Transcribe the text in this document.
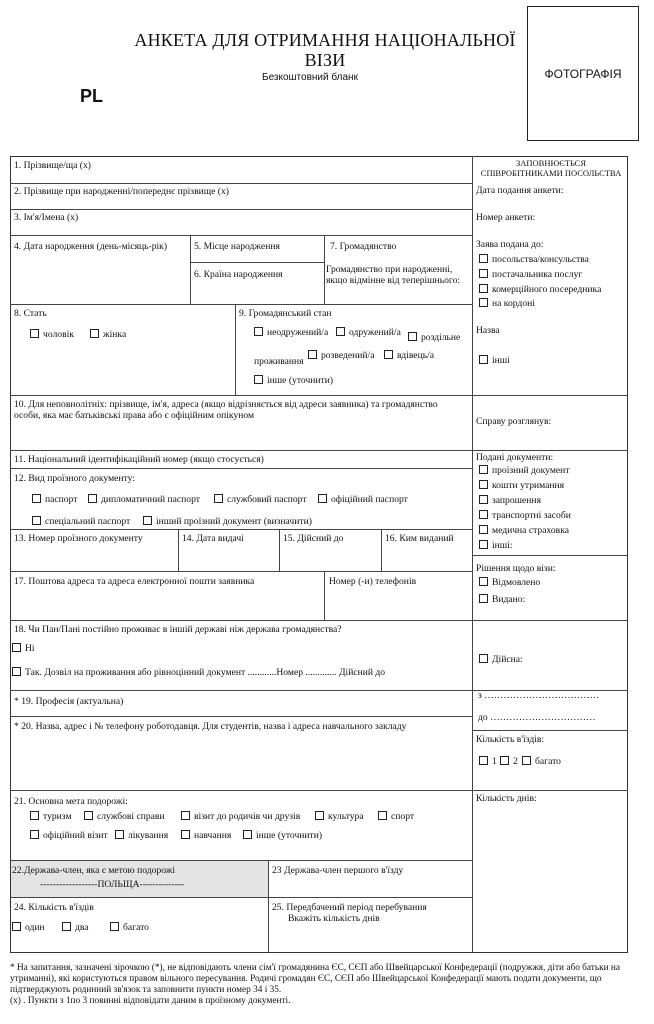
АНКЕТА ДЛЯ ОТРИМАННЯ НАЦІОНАЛЬНОЇ
ВІЗИ
Безкоштовний бланк
PL
ФОТОГРАФІЯ
1. Прізвище/ща (x)
2. Прізвище при народженні/попереднє прізвище (x)
3. Ім'я/Імена (x)
4. Дата народження (день-місяць-рік)	5. Місце народження
6. Країна народження
7. Громадянство
Громадянство при народженні, якщо відмінне від теперішнього:
8. Стать
чоловік	жінка
9. Громадянський стан
неодружений/а	одружений/а	роздільне проживання
розведений/а	вдівець/а
інше (уточнити)
10. Для неповнолітніх: прізвище, ім'я, адреса (якщо відрізняється від адреси заявника) та громадянство особи, яка має батьківські права або є офіційним опікуном
11. Національний ідентифікаційний номер (якщо стосується)
12. Вид проїзного документу:
паспорт	дипломатичний паспорт	службовий паспорт	офіційний паспорт
спеціальний паспорт	інший проїзний документ (визначити)
13. Номер проїзного документу	14. Дата видачі	15. Дійсний до	16. Ким виданий
17. Поштова адреса та адреса електронної пошти заявника	Номер (-и) телефонів
18. Чи Пан/Пані постійно проживає в іншій державі ніж держава громадянства?
Ні
Так. Дозвіл на проживання або рівноцінний документ ............Номер ............. Дійсний до
* 19. Професія (актуальна)
* 20. Назва, адрес і № телефону роботодавця. Для студентів, назва і адреса навчального закладу
21. Основна мета подорожі:
туризм	службові справи	візит до родичів чи друзів	культура	спорт
офіційний візит	лікування	навчання	інше (уточнити)
22.Держава-член, яка є метою подорожі
------------------ПОЛЬЩА--------------
23 Держава-член першого в'їзду
24. Кількість в'їздів
один	два	багато
25. Передбачений період перебування
Вкажіть кількість днів
ЗАПОВНЮЄТЬСЯ СПІВРОБІТНИКАМИ ПОСОЛЬСТВА
Дата подання анкети:
Номер анкети:
Заява подана до:
посольства/консульства
постачальника послуг
комерційного посередника
на кордоні
Назва
інші
Справу розглянув:
Подані документи:
проїзний документ
кошти утримання
запрошення
транспортні засоби
медична страховка
інші:
Рішення щодо візи:
Відмовлено
Видано:
Дійсна:
з ………………………………
до ……………………………
Кількість в'їздів:
1	2	багато
Кількість днів:
* На запитання, зазначені зірочкою (*), не відповідають члени сім'ї громадянина ЄС, СЄП або Швейцарської Конфедерації (подружжя, діти або батьки на утриманні), які користуються правом вільного пересування. Родичі громадян ЄС, СЄП або Швейцарської Конфедерації мають подати документи, що підтверджують родинний зв'язок та заповнити пункти номер 34 і 35.
(x) . Пункти з 1по 3 повинні відповідати даним в проїзному документі.
